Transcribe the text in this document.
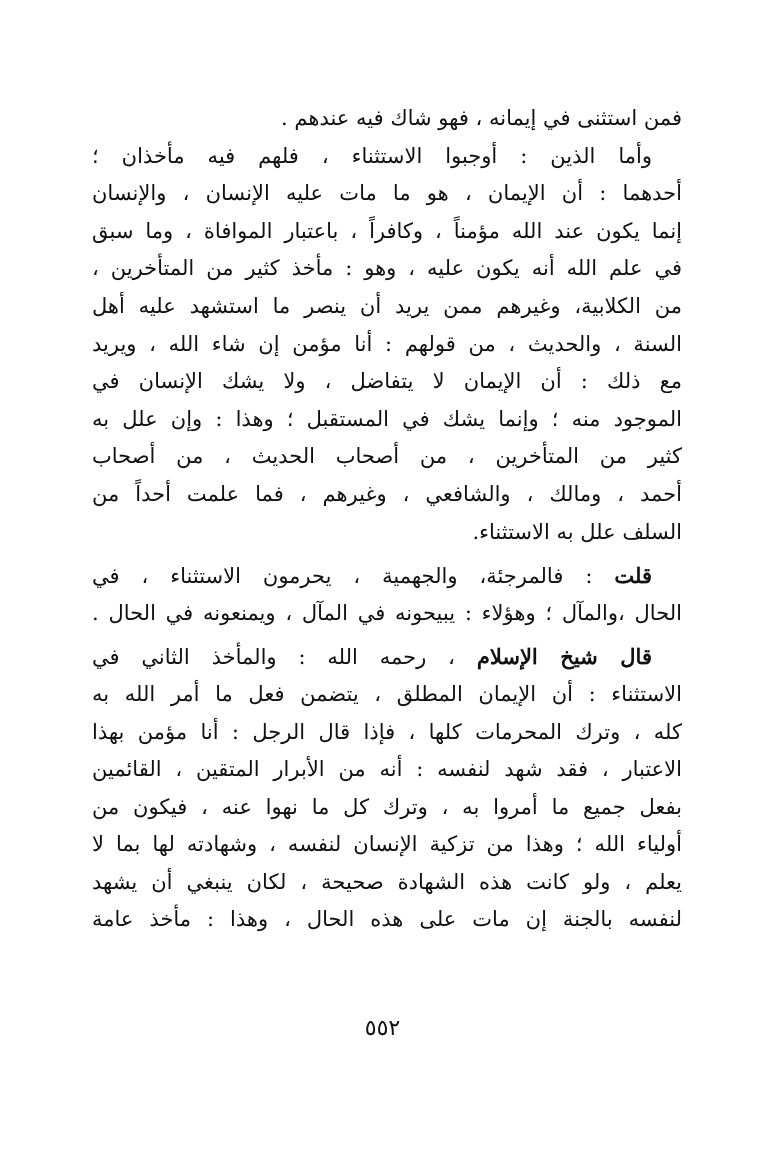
فمن استثنى في إيمانه ، فهو شاك فيه عندهم .
وأما الذين : أوجبوا الاستثناء ، فلهم فيه مأخذان ؛
أحدهما : أن الإيمان ، هو ما مات عليه الإنسان ، والإنسان
إنما يكون عند الله مؤمناً ، وكافراً ، باعتبار الموافاة ، وما سبق
في علم الله أنه يكون عليه ، وهو : مأخذ كثير من المتأخرين ،
من الكلابية، وغيرهم ممن يريد أن ينصر ما استشهد عليه أهل
السنة ، والحديث ، من قولهم : أنا مؤمن إن شاء الله ، ويريد
مع ذلك : أن الإيمان لا يتفاضل ، ولا يشك الإنسان في
الموجود منه ؛ وإنما يشك في المستقبل ؛ وهذا : وإن علل به
كثير من المتأخرين ، من أصحاب الحديث ، من أصحاب
أحمد ، ومالك ، والشافعي ، وغيرهم ، فما علمت أحداً من
السلف علل به الاستثناء.
قلت : فالمرجئة، والجهمية ، يحرمون الاستثناء ، في
الحال ،والمآل ؛ وهؤلاء : يبيحونه في المآل ، ويمنعونه في الحال .
قال شيخ الإسلام ، رحمه الله : والمأخذ الثاني في
الاستثناء : أن الإيمان المطلق ، يتضمن فعل ما أمر الله به
كله ، وترك المحرمات كلها ، فإذا قال الرجل : أنا مؤمن بهذا
الاعتبار ، فقد شهد لنفسه : أنه من الأبرار المتقين ، القائمين
بفعل جميع ما أمروا به ، وترك كل ما نهوا عنه ، فيكون من
أولياء الله ؛ وهذا من تزكية الإنسان لنفسه ، وشهادته لها بما لا
يعلم ، ولو كانت هذه الشهادة صحيحة ، لكان ينبغي أن يشهد
لنفسه بالجنة إن مات على هذه الحال ، وهذا : مأخذ عامة
٥٥٢
